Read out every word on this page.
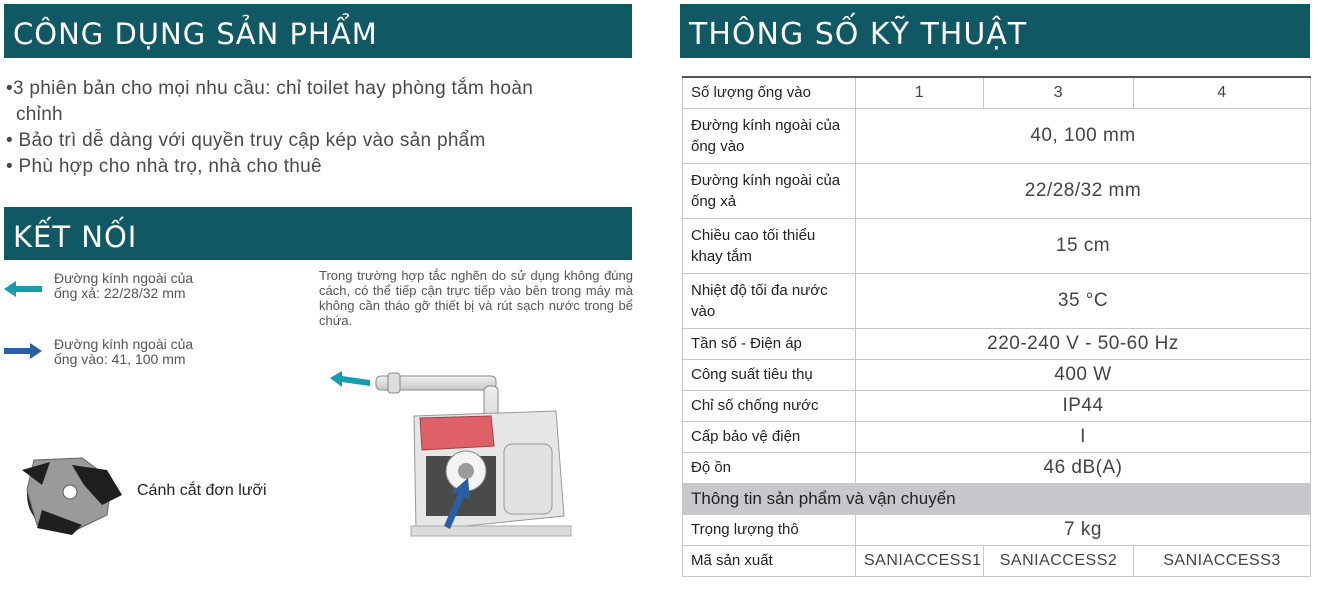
CÔNG DỤNG SẢN PHẨM
•3 phiên bản cho mọi nhu cầu: chỉ toilet hay phòng tắm hoàn
chỉnh
• Bảo trì dễ dàng với quyền truy cập kép vào sản phẩm
• Phù hợp cho nhà trọ, nhà cho thuê
KẾT NỐI
Đường kính ngoài của
ống xả: 22/28/32 mm
Đường kính ngoài của
ống vào: 41, 100 mm
Trong trường hợp tắc nghẽn do sử dụng không đúng cách, có thể tiếp cận trực tiếp vào bên trong máy mà không cần tháo gỡ thiết bị và rút sạch nước trong bể chứa.
Cánh cắt đơn lưỡi
THÔNG SỐ KỸ THUẬT
Số lượng ống vào	1	3	4
Đường kính ngoài của ống vào	40, 100 mm		
Đường kính ngoài của ống xả	22/28/32 mm		
Chiều cao tối thiểu khay tắm	15 cm		
Nhiệt độ tối đa nước vào	35 °C		
Tần số - Điện áp	220-240 V - 50-60 Hz		
Công suất tiêu thụ	400 W		
Chỉ số chống nước	IP44		
Cấp bảo vệ điện	I		
Độ ồn	46 dB(A)		
Thông tin sản phẩm và vận chuyển			
Trọng lượng thô	7 kg		
Mã sản xuất	SANIACCESS1	SANIACCESS2	SANIACCESS3
